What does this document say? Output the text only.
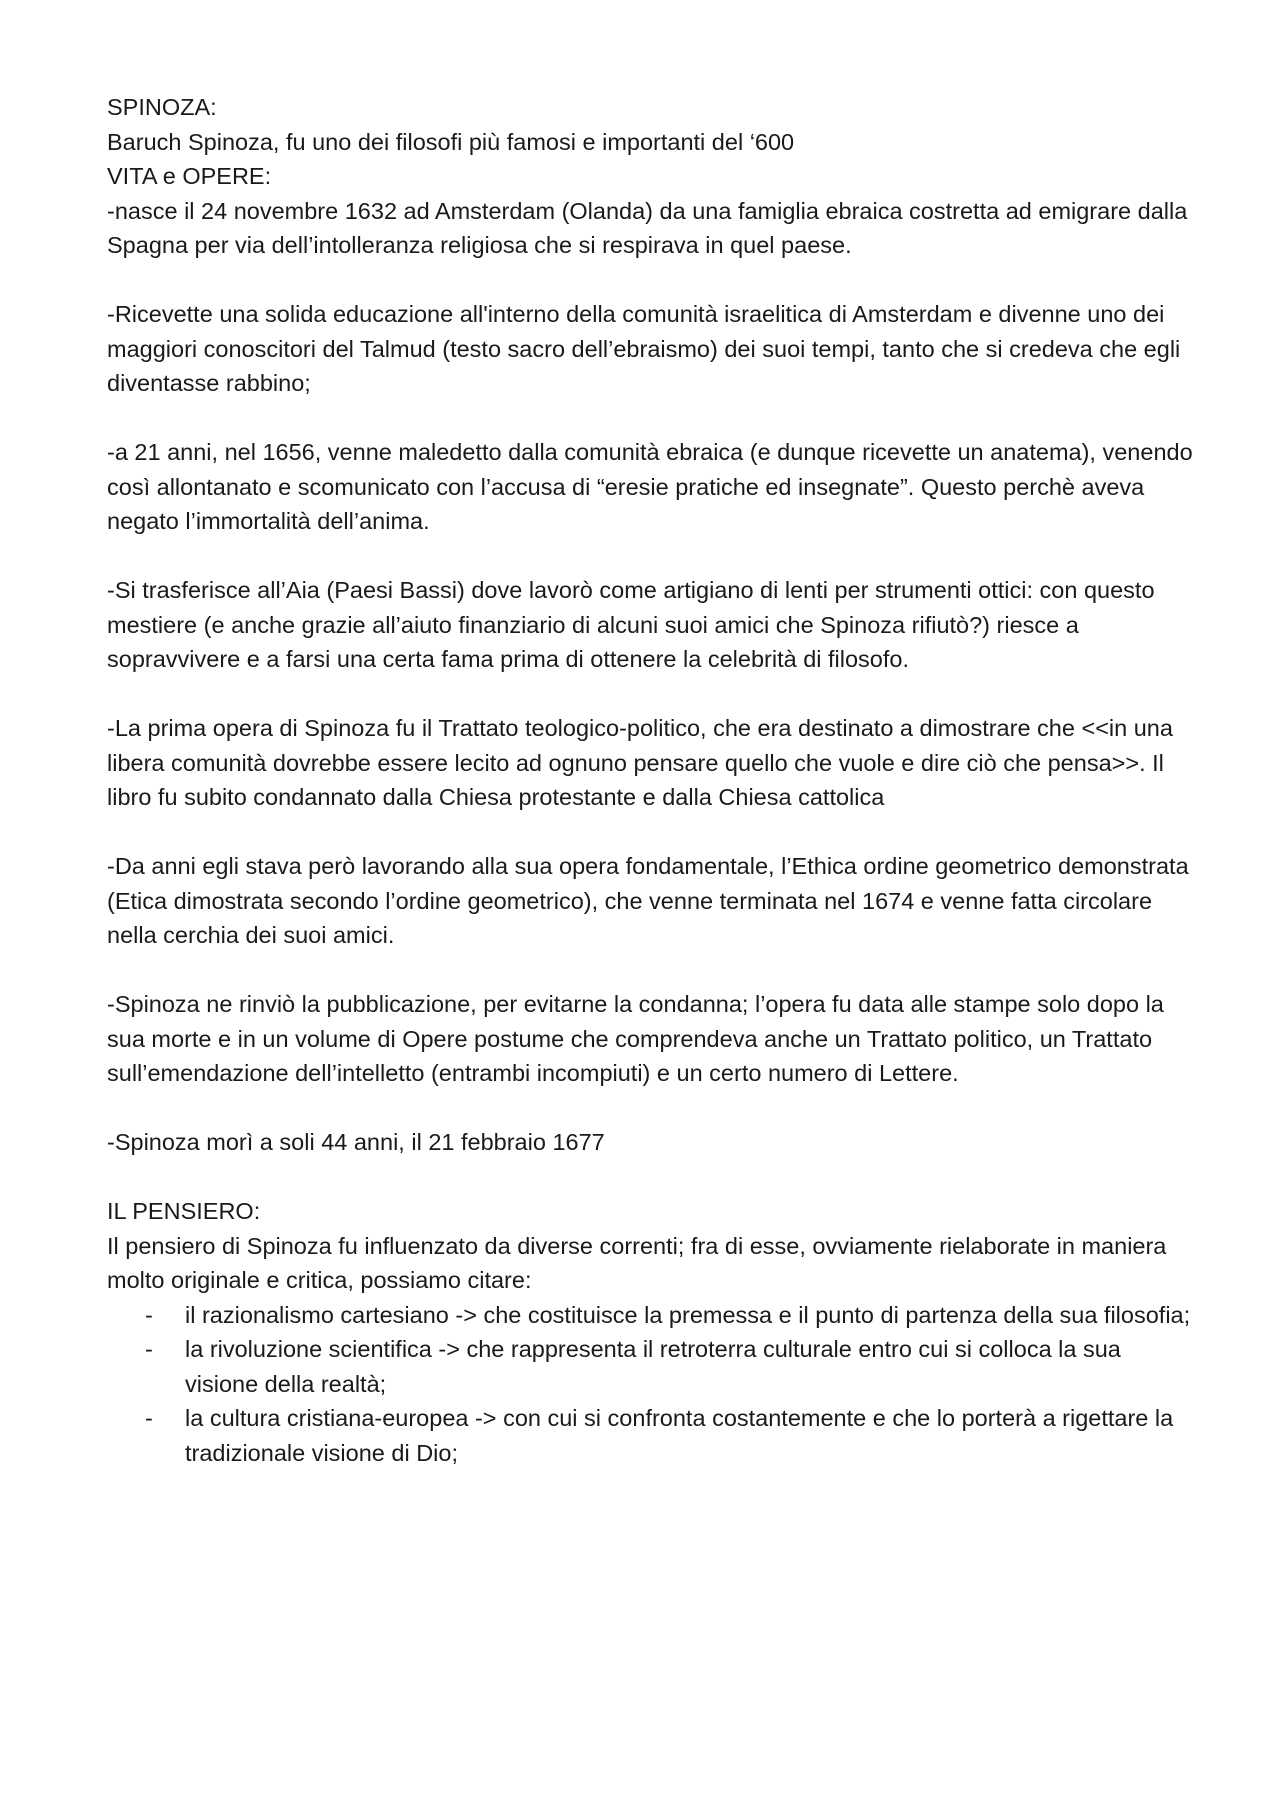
SPINOZA:

Baruch Spinoza, fu uno dei filosofi più famosi e importanti del ‘600

VITA e OPERE:

-nasce il 24 novembre 1632 ad Amsterdam (Olanda) da una famiglia ebraica costretta ad emigrare dalla Spagna per via dell’intolleranza religiosa che si respirava in quel paese.

-Ricevette una solida educazione all'interno della comunità israelitica di Amsterdam e divenne uno dei maggiori conoscitori del Talmud (testo sacro dell’ebraismo) dei suoi tempi, tanto che si credeva che egli diventasse rabbino;

-a 21 anni, nel 1656, venne maledetto dalla comunità ebraica (e dunque ricevette un anatema), venendo così allontanato e scomunicato con l’accusa di “eresie pratiche ed insegnate”. Questo perchè aveva negato l’immortalità dell’anima.

-Si trasferisce all’Aia (Paesi Bassi) dove lavorò come artigiano di lenti per strumenti ottici: con questo mestiere (e anche grazie all’aiuto finanziario di alcuni suoi amici che Spinoza rifiutò?) riesce a sopravvivere e a farsi una certa fama prima di ottenere la celebrità di filosofo.

-La prima opera di Spinoza fu il Trattato teologico-politico, che era destinato a dimostrare che <<in una libera comunità dovrebbe essere lecito ad ognuno pensare quello che vuole e dire ciò che pensa>>. Il libro fu subito condannato dalla Chiesa protestante e dalla Chiesa cattolica

-Da anni egli stava però lavorando alla sua opera fondamentale, l’Ethica ordine geometrico demonstrata (Etica dimostrata secondo l’ordine geometrico), che venne terminata nel 1674 e venne fatta circolare nella cerchia dei suoi amici.

-Spinoza ne rinviò la pubblicazione, per evitarne la condanna; l’opera fu data alle stampe solo dopo la sua morte e in un volume di Opere postume che comprendeva anche un Trattato politico, un Trattato sull’emendazione dell’intelletto (entrambi incompiuti) e un certo numero di Lettere.

-Spinoza morì a soli 44 anni, il 21 febbraio 1677

IL PENSIERO:

Il pensiero di Spinoza fu influenzato da diverse correnti; fra di esse, ovviamente rielaborate in maniera molto originale e critica, possiamo citare:

- il razionalismo cartesiano -> che costituisce la premessa e il punto di partenza della sua filosofia;
- la rivoluzione scientifica -> che rappresenta il retroterra culturale entro cui si colloca la sua visione della realtà;
- la cultura cristiana-europea -> con cui si confronta costantemente e che lo porterà a rigettare la tradizionale visione di Dio;
